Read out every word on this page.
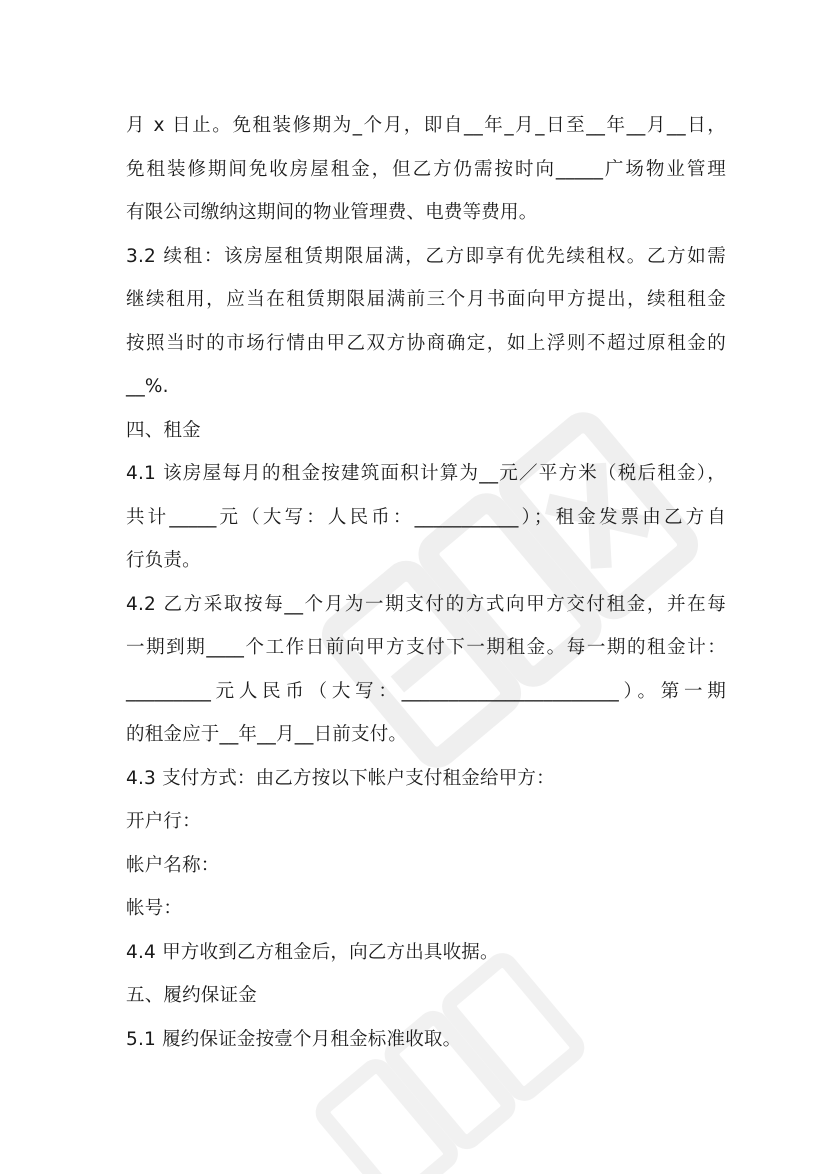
月 x 日止。免租装修期为_个月，即自__年_月_日至__年__月__日，
免租装修期间免收房屋租金，但乙方仍需按时向_____广场物业管理
有限公司缴纳这期间的物业管理费、电费等费用。
3.2 续租：该房屋租赁期限届满，乙方即享有优先续租权。乙方如需
继续租用，应当在租赁期限届满前三个月书面向甲方提出，续租租金
按照当时的市场行情由甲乙双方协商确定，如上浮则不超过原租金的
__%.
四、租金
4.1 该房屋每月的租金按建筑面积计算为__元／平方米（税后租金），
共计_____元（大写：人民币：___________）；租金发票由乙方自
行负责。
4.2 乙方采取按每__个月为一期支付的方式向甲方交付租金，并在每
一期到期____个工作日前向甲方支付下一期租金。每一期的租金计：
_________元人民币（大写：_______________________）。第一期
的租金应于__年__月__日前支付。
4.3 支付方式：由乙方按以下帐户支付租金给甲方：
开户行：
帐户名称：
帐号：
4.4 甲方收到乙方租金后，向乙方出具收据。
五、履约保证金
5.1 履约保证金按壹个月租金标准收取。
